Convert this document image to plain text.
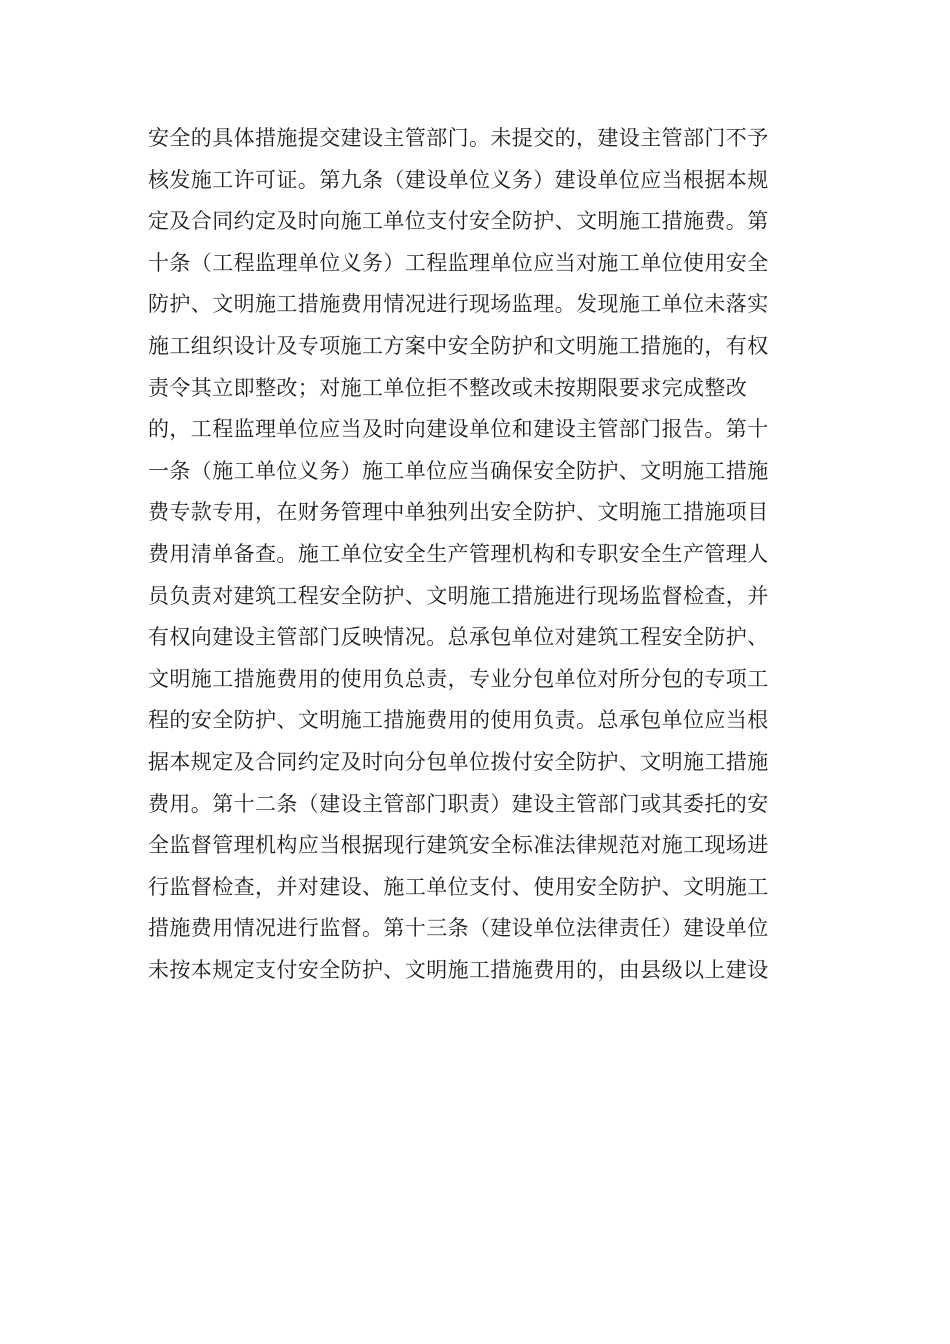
安全的具体措施提交建设主管部门。未提交的，建设主管部门不予
核发施工许可证。第九条（建设单位义务）建设单位应当根据本规
定及合同约定及时向施工单位支付安全防护、文明施工措施费。第
十条（工程监理单位义务）工程监理单位应当对施工单位使用安全
防护、文明施工措施费用情况进行现场监理。发现施工单位未落实
施工组织设计及专项施工方案中安全防护和文明施工措施的，有权
责令其立即整改；对施工单位拒不整改或未按期限要求完成整改
的，工程监理单位应当及时向建设单位和建设主管部门报告。第十
一条（施工单位义务）施工单位应当确保安全防护、文明施工措施
费专款专用，在财务管理中单独列出安全防护、文明施工措施项目
费用清单备查。施工单位安全生产管理机构和专职安全生产管理人
员负责对建筑工程安全防护、文明施工措施进行现场监督检查，并
有权向建设主管部门反映情况。总承包单位对建筑工程安全防护、
文明施工措施费用的使用负总责，专业分包单位对所分包的专项工
程的安全防护、文明施工措施费用的使用负责。总承包单位应当根
据本规定及合同约定及时向分包单位拨付安全防护、文明施工措施
费用。第十二条（建设主管部门职责）建设主管部门或其委托的安
全监督管理机构应当根据现行建筑安全标准法律规范对施工现场进
行监督检查，并对建设、施工单位支付、使用安全防护、文明施工
措施费用情况进行监督。第十三条（建设单位法律责任）建设单位
未按本规定支付安全防护、文明施工措施费用的，由县级以上建设
